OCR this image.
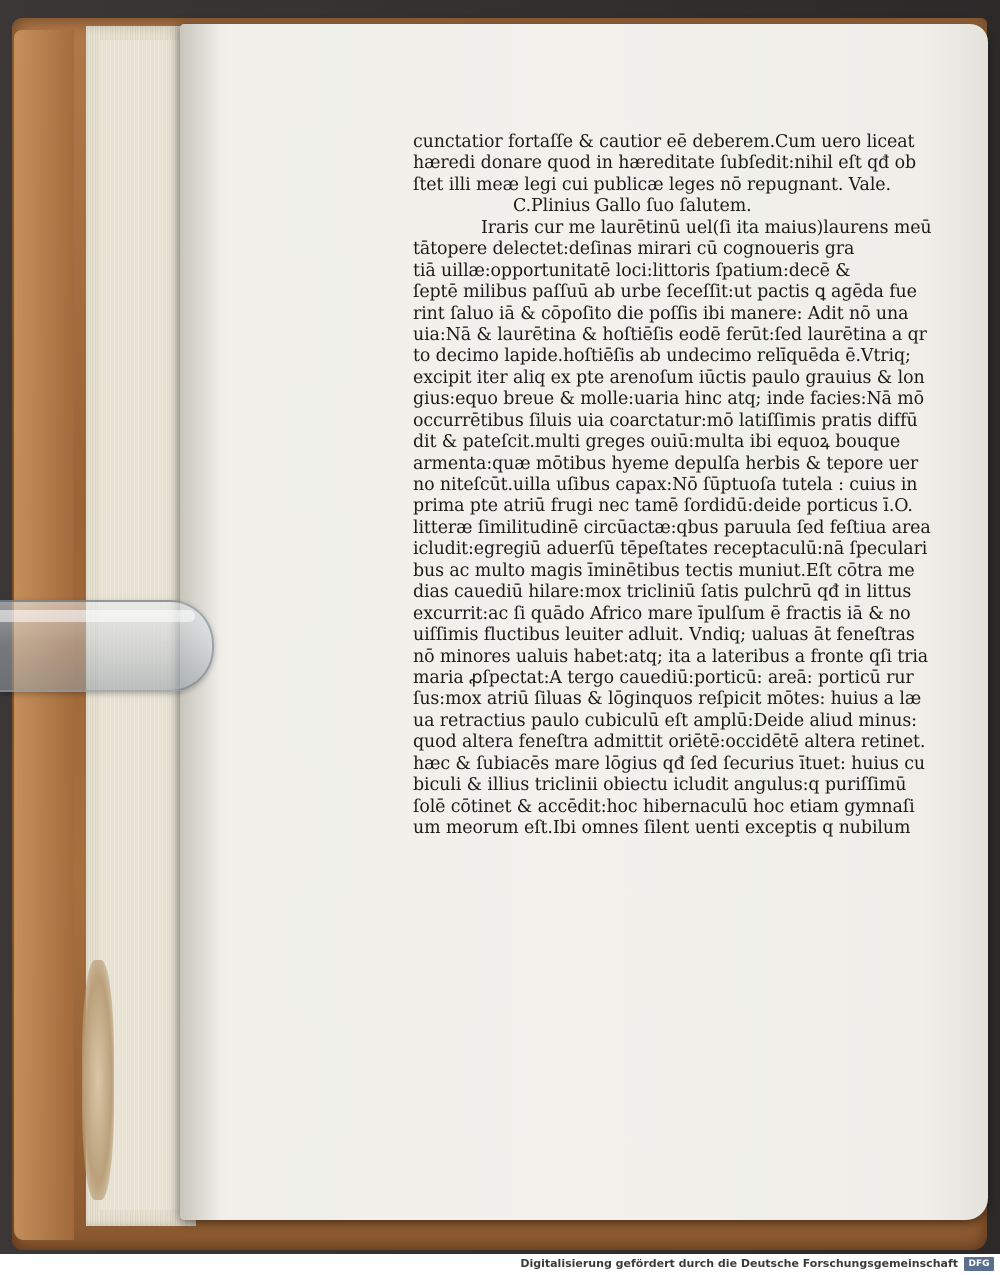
cunctatior fortaſſe & cautior eē deberem.Cum uero liceat
hæredi donare quod in hæreditate ſubſedit:nihil eſt qđ ob
ſtet illi meæ legi cui publicæ leges nō repugnant. Vale.
C.Plinius Gallo ſuo ſalutem.
Iraris cur me laurētinū uel(ſi ita maius)laurens meū
tātopere delectet:deſinas mirari cū cognoueris gra
tiā uillæ:opportunitatē loci:littoris ſpatium:decē &
ſeptē milibus paſſuū ab urbe ſeceſſit:ut pactis ꝗ agēda fue
rint ſaluo iā & cōpoſito die poſſis ibi manere: Adit nō una
uia:Nā & laurētina & hoſtiēſis eodē ferūt:ſed laurētina a qr
to decimo lapide.hoſtiēſis ab undecimo relīquēda ē.Vtriq;
excipit iter aliq ex pte arenoſum iūctis paulo grauius & lon
gius:equo breue & molle:uaria hinc atq; inde facies:Nā mō
occurrētibus ſiluis uia coarctatur:mō latiſſimis pratis diffū
dit & pateſcit.multi greges ouiū:multa ibi equoꝝ bouque
armenta:quæ mōtibus hyeme depulſa herbis & tepore uer
no niteſcūt.uilla uſibus capax:Nō ſūptuoſa tutela : cuius in
prima pte atriū frugi nec tamē ſordidū:deide porticus ī.O.
litteræ ſimilitudinē circūactæ:qbus paruula ſed feſtiua area
icludit:egregiū aduerſū tēpeſtates receptaculū:nā ſpeculari
bus ac multo magis īminētibus tectis muniut.Eſt cōtra me
dias cauediū hilare:mox tricliniū ſatis pulchrū qđ in littus
excurrit:ac ſi quādo Africo mare īpulſum ē fractis iā & no
uiſſimis fluctibus leuiter adluit. Vndiq; ualuas āt feneſtras
nō minores ualuis habet:atq; ita a lateribus a fronte qſi tria
maria ꝓſpectat:A tergo cauediū:porticū: areā: porticū rur
ſus:mox atriū ſiluas & lōginquos reſpicit mōtes: huius a læ
ua retractius paulo cubiculū eſt amplū:Deide aliud minus:
quod altera feneſtra admittit oriētē:occidētē altera retinet.
hæc & ſubiacēs mare lōgius qđ ſed ſecurius ītuet: huius cu
biculi & illius triclinii obiectu icludit angulus:q puriſſimū
ſolē cōtinet & accēdit:hoc hibernaculū hoc etiam gymnaſi
um meorum eſt.Ibi omnes ſilent uenti exceptis q nubilum
Digitalisierung gefördert durch die Deutsche Forschungsgemeinschaft	DFG
